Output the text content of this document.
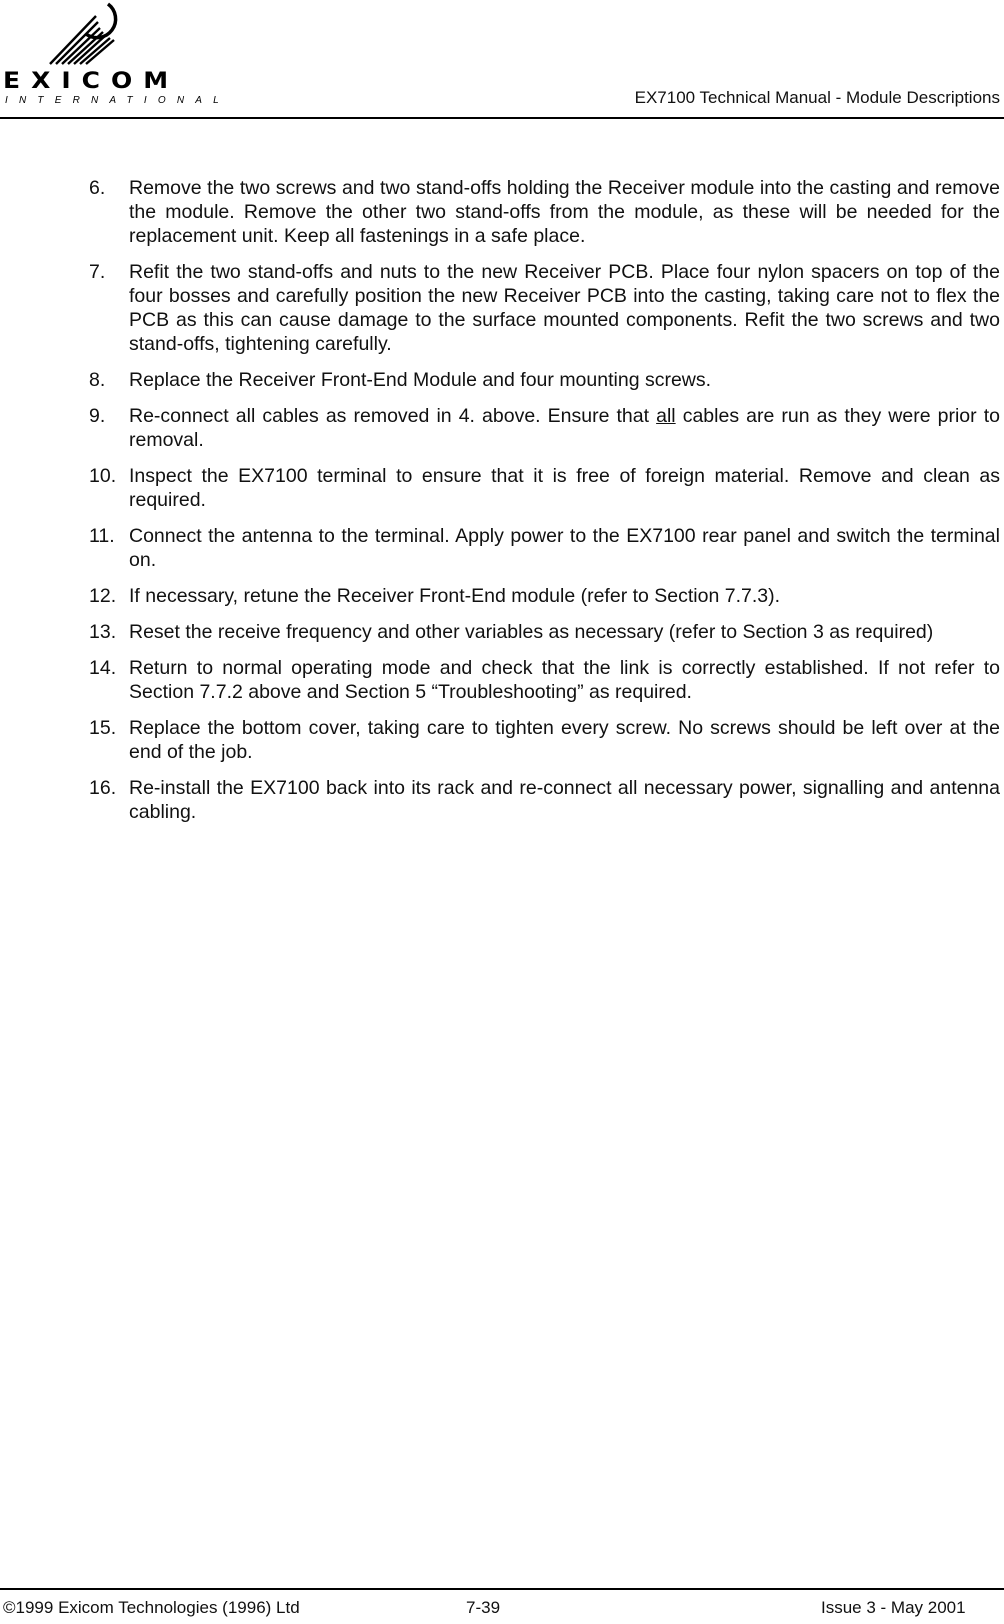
EXICOM
INTERNATIONAL	EX7100 Technical Manual - Module Descriptions
6.	Remove the two screws and two stand-offs holding the Receiver module into the casting and remove the module. Remove the other two stand-offs from the module, as these will be needed for the replacement unit. Keep all fastenings in a safe place.
7.	Refit the two stand-offs and nuts to the new Receiver PCB. Place four nylon spacers on top of the four bosses and carefully position the new Receiver PCB into the casting, taking care not to flex the PCB as this can cause damage to the surface mounted components. Refit the two screws and two stand-offs, tightening carefully.
8.	Replace the Receiver Front-End Module and four mounting screws.
9.	Re-connect all cables as removed in 4. above. Ensure that all cables are run as they were prior to removal.
10. Inspect the EX7100 terminal to ensure that it is free of foreign material. Remove and clean as required.
11. Connect the antenna to the terminal. Apply power to the EX7100 rear panel and switch the terminal on.
12. If necessary, retune the Receiver Front-End module (refer to Section 7.7.3).
13. Reset the receive frequency and other variables as necessary (refer to Section 3 as required)
14. Return to normal operating mode and check that the link is correctly established. If not refer to Section 7.7.2 above and Section 5 “Troubleshooting” as required.
15. Replace the bottom cover, taking care to tighten every screw. No screws should be left over at the end of the job.
16. Re-install the EX7100 back into its rack and re-connect all necessary power, signalling and antenna cabling.
©1999 Exicom Technologies (1996) Ltd	7-39	Issue 3 - May 2001
